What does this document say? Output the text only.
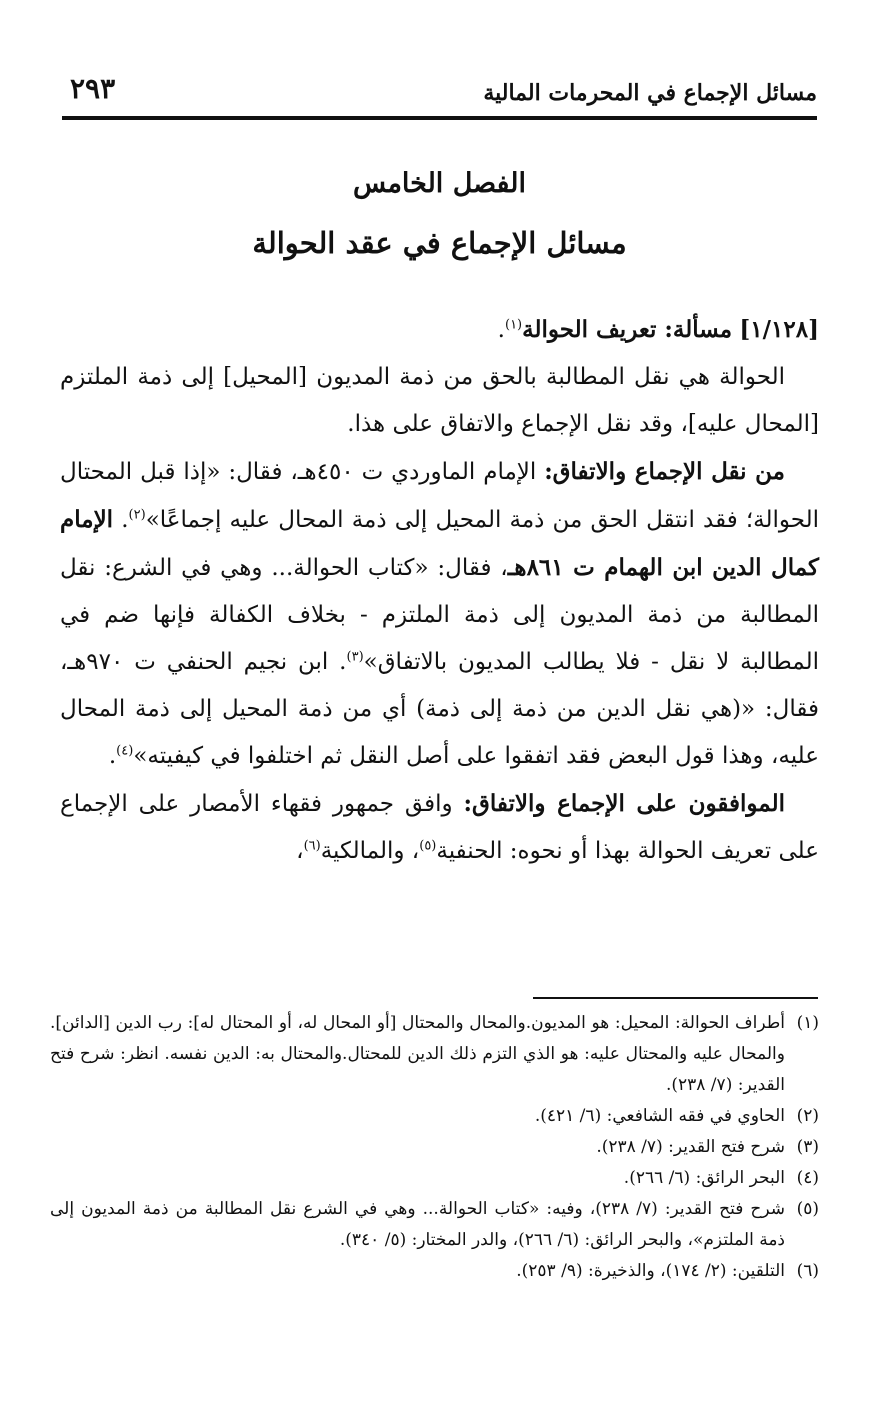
مسائل الإجماع في المحرمات المالية
٢٩٣
الفصل الخامس
مسائل الإجماع في عقد الحوالة

[١/١٢٨] مسألة: تعريف الحوالة$^{(١)}$.

الحوالة هي نقل المطالبة بالحق من ذمة المديون [المحيل] إلى ذمة الملتزم [المحال عليه]، وقد نقل الإجماع والاتفاق على هذا.

من نقل الإجماع والاتفاق: الإمام الماوردي ت ٤٥٠هـ، فقال: «إذا قبل المحتال الحوالة؛ فقد انتقل الحق من ذمة المحيل إلى ذمة المحال عليه إجماعًا»$^{(٢)}$. الإمام كمال الدين ابن الهمام ت ٨٦١هـ، فقال: «كتاب الحوالة... وهي في الشرع: نقل المطالبة من ذمة المديون إلى ذمة الملتزم - بخلاف الكفالة فإنها ضم في المطالبة لا نقل - فلا يطالب المديون بالاتفاق»$^{(٣)}$. ابن نجيم الحنفي ت ٩٧٠هـ، فقال: «(هي نقل الدين من ذمة إلى ذمة) أي من ذمة المحيل إلى ذمة المحال عليه، وهذا قول البعض فقد اتفقوا على أصل النقل ثم اختلفوا في كيفيته»$^{(٤)}$.

الموافقون على الإجماع والاتفاق: وافق جمهور فقهاء الأمصار على الإجماع على تعريف الحوالة بهذا أو نحوه: الحنفية$^{(٥)}$، والمالكية$^{(٦)}$،

(١)
أطراف الحوالة: المحيل: هو المديون.والمحال والمحتال [أو المحال له، أو المحتال له]: رب الدين [الدائن]. والمحال عليه والمحتال عليه: هو الذي التزم ذلك الدين للمحتال.والمحتال به: الدين نفسه. انظر: شرح فتح القدير: (٧/ ٢٣٨).
(٢)
الحاوي في فقه الشافعي: (٦/ ٤٢١).
(٣)
شرح فتح القدير: (٧/ ٢٣٨).
(٤)
البحر الرائق: (٦/ ٢٦٦).
(٥)
شرح فتح القدير: (٧/ ٢٣٨)، وفيه: «كتاب الحوالة... وهي في الشرع نقل المطالبة من ذمة المديون إلى ذمة الملتزم»، والبحر الرائق: (٦/ ٢٦٦)، والدر المختار: (٥/ ٣٤٠).
(٦)
التلقين: (٢/ ١٧٤)، والذخيرة: (٩/ ٢٥٣).
